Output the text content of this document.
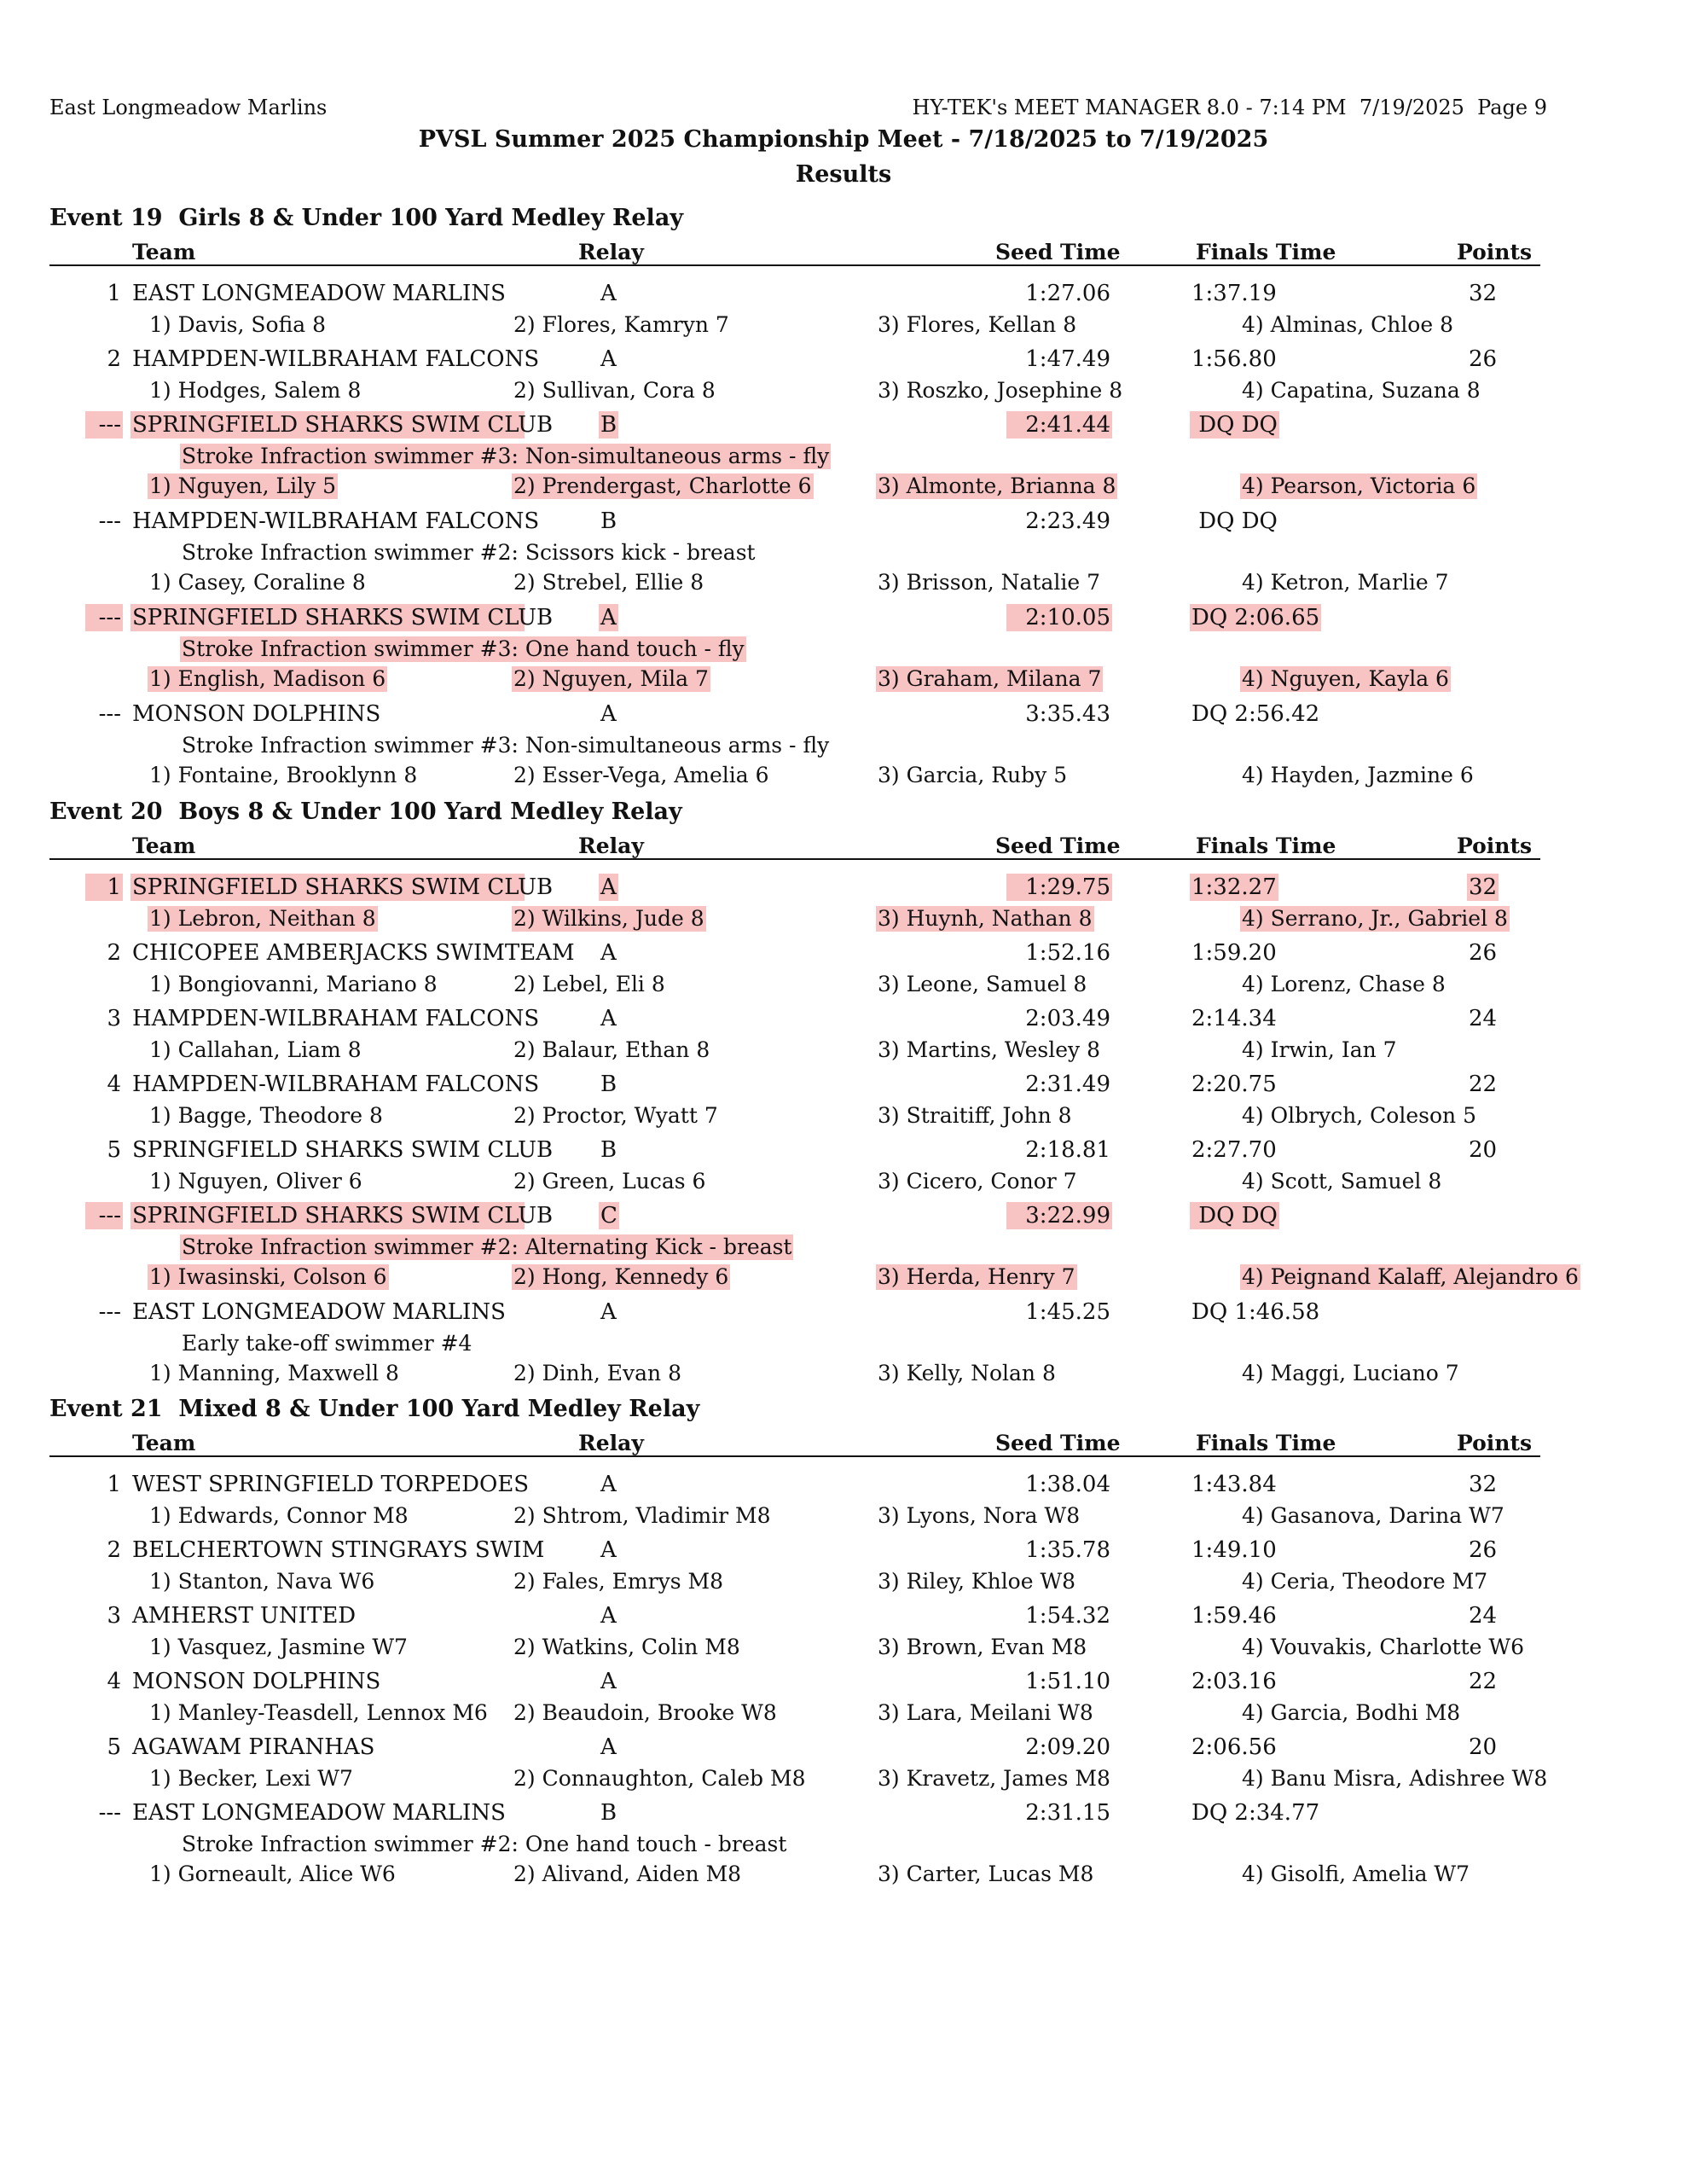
East Longmeadow Marlins	HY-TEK's MEET MANAGER 8.0 - 7:14 PM  7/19/2025  Page 9
PVSL Summer 2025 Championship Meet - 7/18/2025 to 7/19/2025
Results
Event 19  Girls 8 & Under 100 Yard Medley Relay
Team	Relay	Seed Time	Finals Time	Points
1 EAST LONGMEADOW MARLINS	A	1:27.06	1:37.19	32
1) Davis, Sofia 8	2) Flores, Kamryn 7	3) Flores, Kellan 8	4) Alminas, Chloe 8
2 HAMPDEN-WILBRAHAM FALCONS	A	1:47.49	1:56.80	26
1) Hodges, Salem 8	2) Sullivan, Cora 8	3) Roszko, Josephine 8	4) Capatina, Suzana 8
--- SPRINGFIELD SHARKS SWIM CLUB B	2:41.44	DQ DQ
Stroke Infraction swimmer #3: Non-simultaneous arms - fly
1) Nguyen, Lily 5	2) Prendergast, Charlotte 6	3) Almonte, Brianna 8	4) Pearson, Victoria 6
--- HAMPDEN-WILBRAHAM FALCONS	B	2:23.49	DQ DQ
Stroke Infraction swimmer #2: Scissors kick - breast
1) Casey, Coraline 8	2) Strebel, Ellie 8	3) Brisson, Natalie 7	4) Ketron, Marlie 7
--- SPRINGFIELD SHARKS SWIM CLUB A	2:10.05	DQ 2:06.65
Stroke Infraction swimmer #3: One hand touch - fly
1) English, Madison 6	2) Nguyen, Mila 7	3) Graham, Milana 7	4) Nguyen, Kayla 6
--- MONSON DOLPHINS	A	3:35.43	DQ 2:56.42
Stroke Infraction swimmer #3: Non-simultaneous arms - fly
1) Fontaine, Brooklynn 8	2) Esser-Vega, Amelia 6	3) Garcia, Ruby 5	4) Hayden, Jazmine 6
Event 20  Boys 8 & Under 100 Yard Medley Relay
Team	Relay	Seed Time	Finals Time	Points
1 SPRINGFIELD SHARKS SWIM CLUB A	1:29.75	1:32.27	32
1) Lebron, Neithan 8	2) Wilkins, Jude 8	3) Huynh, Nathan 8	4) Serrano, Jr., Gabriel 8
2 CHICOPEE AMBERJACKS SWIMTEAM A	1:52.16	1:59.20	26
1) Bongiovanni, Mariano 8	2) Lebel, Eli 8	3) Leone, Samuel 8	4) Lorenz, Chase 8
3 HAMPDEN-WILBRAHAM FALCONS	A	2:03.49	2:14.34	24
1) Callahan, Liam 8	2) Balaur, Ethan 8	3) Martins, Wesley 8	4) Irwin, Ian 7
4 HAMPDEN-WILBRAHAM FALCONS	B	2:31.49	2:20.75	22
1) Bagge, Theodore 8	2) Proctor, Wyatt 7	3) Straitiff, John 8	4) Olbrych, Coleson 5
5 SPRINGFIELD SHARKS SWIM CLUB B	2:18.81	2:27.70	20
1) Nguyen, Oliver 6	2) Green, Lucas 6	3) Cicero, Conor 7	4) Scott, Samuel 8
--- SPRINGFIELD SHARKS SWIM CLUB C	3:22.99	DQ DQ
Stroke Infraction swimmer #2: Alternating Kick - breast
1) Iwasinski, Colson 6	2) Hong, Kennedy 6	3) Herda, Henry 7	4) Peignand Kalaff, Alejandro 6
--- EAST LONGMEADOW MARLINS	A	1:45.25	DQ 1:46.58
Early take-off swimmer #4
1) Manning, Maxwell 8	2) Dinh, Evan 8	3) Kelly, Nolan 8	4) Maggi, Luciano 7
Event 21  Mixed 8 & Under 100 Yard Medley Relay
Team	Relay	Seed Time	Finals Time	Points
1 WEST SPRINGFIELD TORPEDOES	A	1:38.04	1:43.84	32
1) Edwards, Connor M8	2) Shtrom, Vladimir M8	3) Lyons, Nora W8	4) Gasanova, Darina W7
2 BELCHERTOWN STINGRAYS SWIM	A	1:35.78	1:49.10	26
1) Stanton, Nava W6	2) Fales, Emrys M8	3) Riley, Khloe W8	4) Ceria, Theodore M7
3 AMHERST UNITED	A	1:54.32	1:59.46	24
1) Vasquez, Jasmine W7	2) Watkins, Colin M8	3) Brown, Evan M8	4) Vouvakis, Charlotte W6
4 MONSON DOLPHINS	A	1:51.10	2:03.16	22
1) Manley-Teasdell, Lennox M6 2) Beaudoin, Brooke W8	3) Lara, Meilani W8	4) Garcia, Bodhi M8
5 AGAWAM PIRANHAS	A	2:09.20	2:06.56	20
1) Becker, Lexi W7	2) Connaughton, Caleb M8	3) Kravetz, James M8	4) Banu Misra, Adishree W8
--- EAST LONGMEADOW MARLINS	B	2:31.15	DQ 2:34.77
Stroke Infraction swimmer #2: One hand touch - breast
1) Gorneault, Alice W6	2) Alivand, Aiden M8	3) Carter, Lucas M8	4) Gisolfi, Amelia W7
